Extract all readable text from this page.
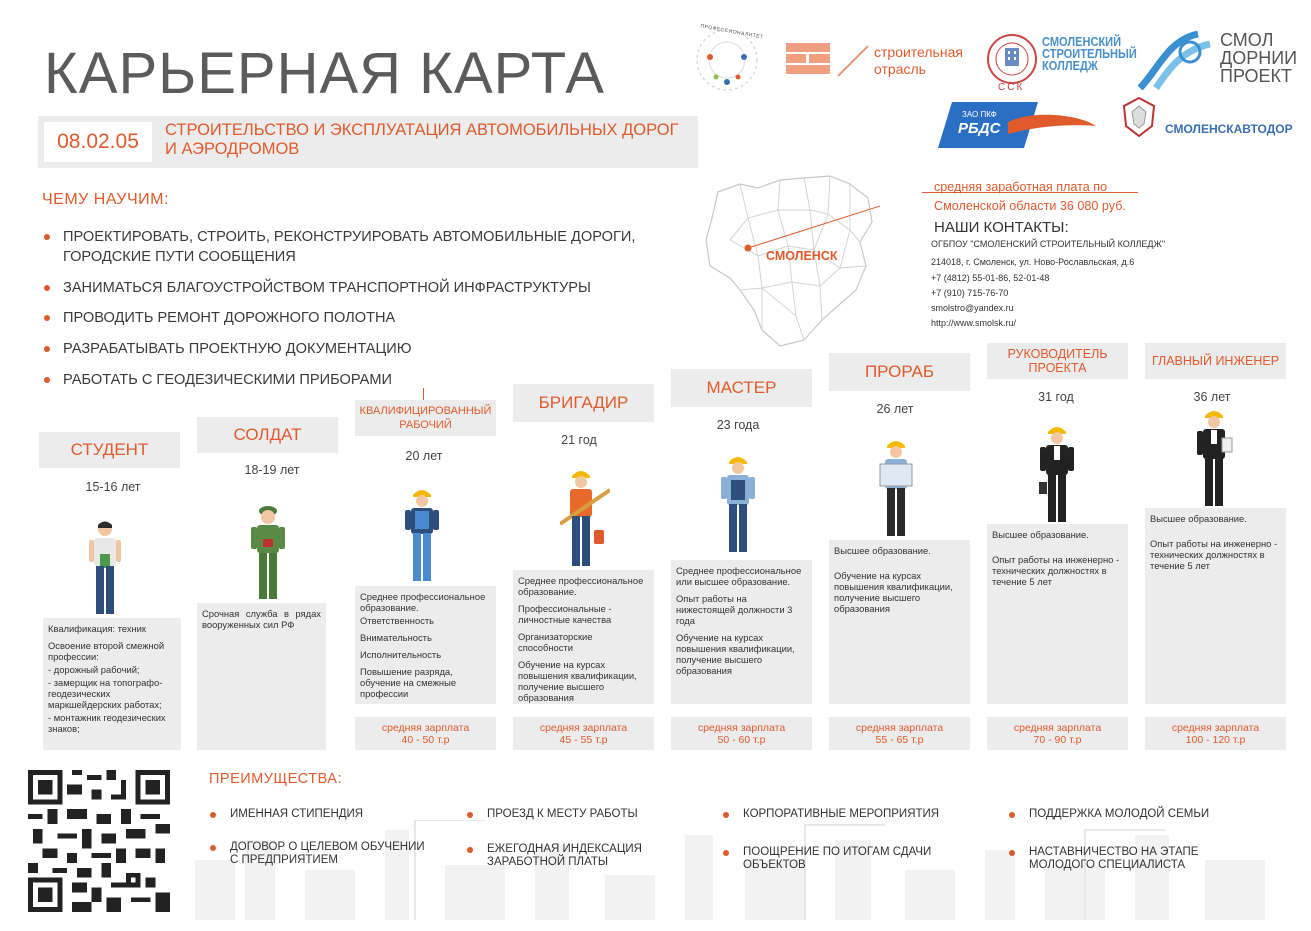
КАРЬЕРНАЯ КАРТА
ПРОФЕССИОНАЛИТЕТ
строительная
отрасль
ССК
СМОЛЕНСКИЙ
СТРОИТЕЛЬНЫЙ
КОЛЛЕДЖ
СМОЛ
ДОРНИИ
ПРОЕКТ
ЗАО ПКФ
РБДС	СМОЛЕНСКАВТОДОР
08.02.05	СТРОИТЕЛЬСТВО И ЭКСПЛУАТАЦИЯ АВТОМОБИЛЬНЫХ ДОРОГ И АЭРОДРОМОВ
ЧЕМУ НАУЧИМ:
ПРОЕКТИРОВАТЬ, СТРОИТЬ, РЕКОНСТРУИРОВАТЬ АВТОМОБИЛЬНЫЕ ДОРОГИ, ГОРОДСКИЕ ПУТИ СООБЩЕНИЯ
ЗАНИМАТЬСЯ БЛАГОУСТРОЙСТВОМ ТРАНСПОРТНОЙ ИНФРАСТРУКТУРЫ
ПРОВОДИТЬ РЕМОНТ ДОРОЖНОГО ПОЛОТНА
РАЗРАБАТЫВАТЬ ПРОЕКТНУЮ ДОКУМЕНТАЦИЮ
РАБОТАТЬ С ГЕОДЕЗИЧЕСКИМИ ПРИБОРАМИ
СМОЛЕНСК
средняя заработная плата по
Смоленской области 36 080 руб.
НАШИ КОНТАКТЫ:
ОГБПОУ "СМОЛЕНСКИЙ СТРОИТЕЛЬНЫЙ КОЛЛЕДЖ"
214018, г. Смоленск, ул. Ново-Рославльская, д.6
+7 (4812) 55-01-86, 52-01-48
+7 (910) 715-76-70
smolstro@yandex.ru
http://www.smolsk.ru/
СТУДЕНТ
15-16 лет

Квалификация: техник

Освоение второй смежной профессии:

- дорожный рабочий;

- замерщик на топографо-геодезических маркшейдерских работах;

- монтажник геодезических знаков;

СОЛДАТ
18-19 лет

Срочная служба в рядах вооруженных сил РФ

КВАЛИФИЦИРОВАННЫЙ РАБОЧИЙ
20 лет

Среднее профессиональное образование.

Ответственность

Внимательность

Исполнительность

Повышение разряда, обучение на смежные профессии

средняя зарплата
40 - 50 т.р
БРИГАДИР
21 год

Среднее профессиональное образование.

Профессиональные - личностные качества

Организаторские способности

Обучение на курсах повышения квалификации, получение высшего образования

средняя зарплата
45 - 55 т.р
МАСТЕР
23 года

Среднее профессиональное или высшее образование.

Опыт работы на нижестоящей должности 3 года

Обучение на курсах повышения квалификации, получение высшего образования

средняя зарплата
50 - 60 т.р
ПРОРАБ
26 лет

Высшее образование.

Обучение на курсах повышения квалификации, получение высшего образования

средняя зарплата
55 - 65 т.р
РУКОВОДИТЕЛЬ ПРОЕКТА
31 год

Высшее образование.

Опыт работы на инженерно - технических должностях в течение 5 лет

средняя зарплата
70 - 90 т.р
ГЛАВНЫЙ ИНЖЕНЕР
36 лет

Высшее образование.

Опыт работы на инженерно - технических должностях в течение 5 лет

средняя зарплата
100 - 120 т.р
ПРЕИМУЩЕСТВА:
ИМЕННАЯ СТИПЕНДИЯ
ДОГОВОР О ЦЕЛЕВОМ ОБУЧЕНИИ С ПРЕДПРИЯТИЕМ
ПРОЕЗД К МЕСТУ РАБОТЫ
ЕЖЕГОДНАЯ ИНДЕКСАЦИЯ ЗАРАБОТНОЙ ПЛАТЫ
КОРПОРАТИВНЫЕ МЕРОПРИЯТИЯ
ПООЩРЕНИЕ ПО ИТОГАМ СДАЧИ ОБЪЕКТОВ
ПОДДЕРЖКА МОЛОДОЙ СЕМЬИ
НАСТАВНИЧЕСТВО НА ЭТАПЕ МОЛОДОГО СПЕЦИАЛИСТА
